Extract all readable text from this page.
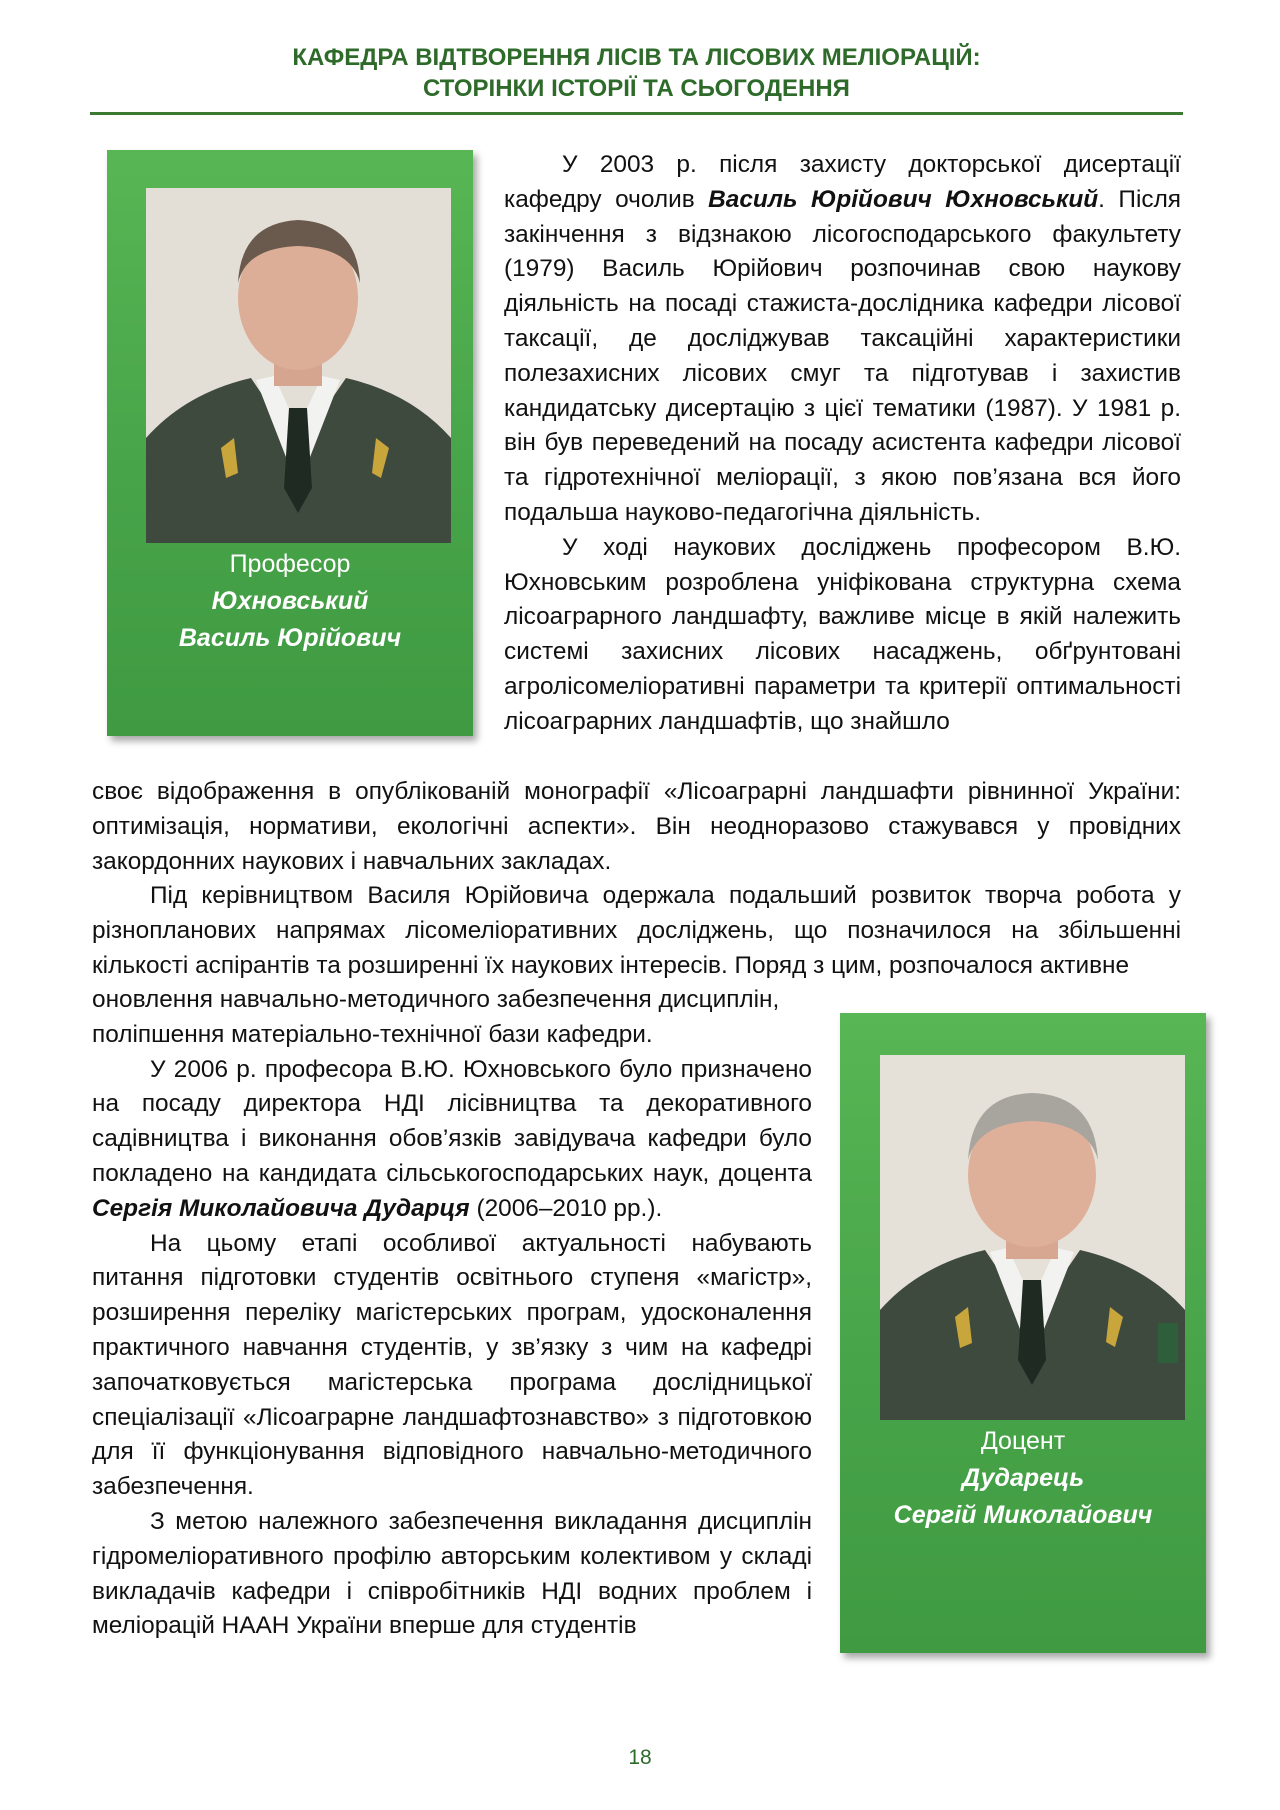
КАФЕДРА ВІДТВОРЕННЯ ЛІСІВ ТА ЛІСОВИХ МЕЛІОРАЦІЙ:
СТОРІНКИ ІСТОРІЇ ТА СЬОГОДЕННЯ
Професор
Юхновський
Василь Юрійович
Доцент
Дударець
Сергій Миколайович

У 2003 р. після захисту докторської дисертації кафедру очолив Василь Юрійович Юхновський. Після закінчення з відзнакою лісогосподарського факультету (1979) Василь Юрійович розпочинав свою наукову діяльність на посаді стажиста-дослідника кафедри лісової таксації, де досліджував таксаційні характеристики полезахисних лісових смуг та підготував і захистив кандидатську дисертацію з цієї тематики (1987). У 1981 р. він був переведений на посаду асистента кафедри лісової та гідротехнічної меліорації, з якою пов’язана вся його подальша науково-педагогічна діяльність.

У ході наукових досліджень професором В.Ю. Юхновським розроблена уніфікована структурна схема лісоаграрного ландшафту, важливе місце в якій належить системі захисних лісових насаджень, обґрунтовані агролісомеліоративні параметри та критерії оптимальності лісоаграрних ландшафтів, що знайшло

своє відображення в опублікованій монографії «Лісоаграрні ландшафти рівнинної України: оптимізація, нормативи, екологічні аспекти». Він неодноразово стажувався у провідних закордонних наукових і навчальних закладах.

Під керівництвом Василя Юрійовича одержала подальший розвиток творча робота у різнопланових напрямах лісомеліоративних досліджень, що позначилося на збільшенні кількості аспірантів та розширенні їх наукових інтересів. Поряд з цим, розпочалося активне

оновлення навчально-методичного забезпечення дисциплін, поліпшення матеріально-технічної бази кафедри.

У 2006 р. професора В.Ю. Юхновського було призначено на посаду директора НДІ лісівництва та декоративного садівництва і виконання обов’язків завідувача кафедри було покладено на кандидата сільськогосподарських наук, доцента Сергія Миколайовича Дударця (2006–2010 рр.).

На цьому етапі особливої актуальності набувають питання підготовки студентів освітнього ступеня «магістр», розширення переліку магістерських програм, удосконалення практичного навчання студентів, у зв’язку з чим на кафедрі започатковується магістерська програма дослідницької спеціалізації «Лісоаграрне ландшафтознавство» з підготовкою для її функціонування відповідного навчально-методичного забезпечення.

З метою належного забезпечення викладання дисциплін гідромеліоративного профілю авторським колективом у складі викладачів кафедри і співробітників НДІ водних проблем і меліорацій НААН України вперше для студентів

18
